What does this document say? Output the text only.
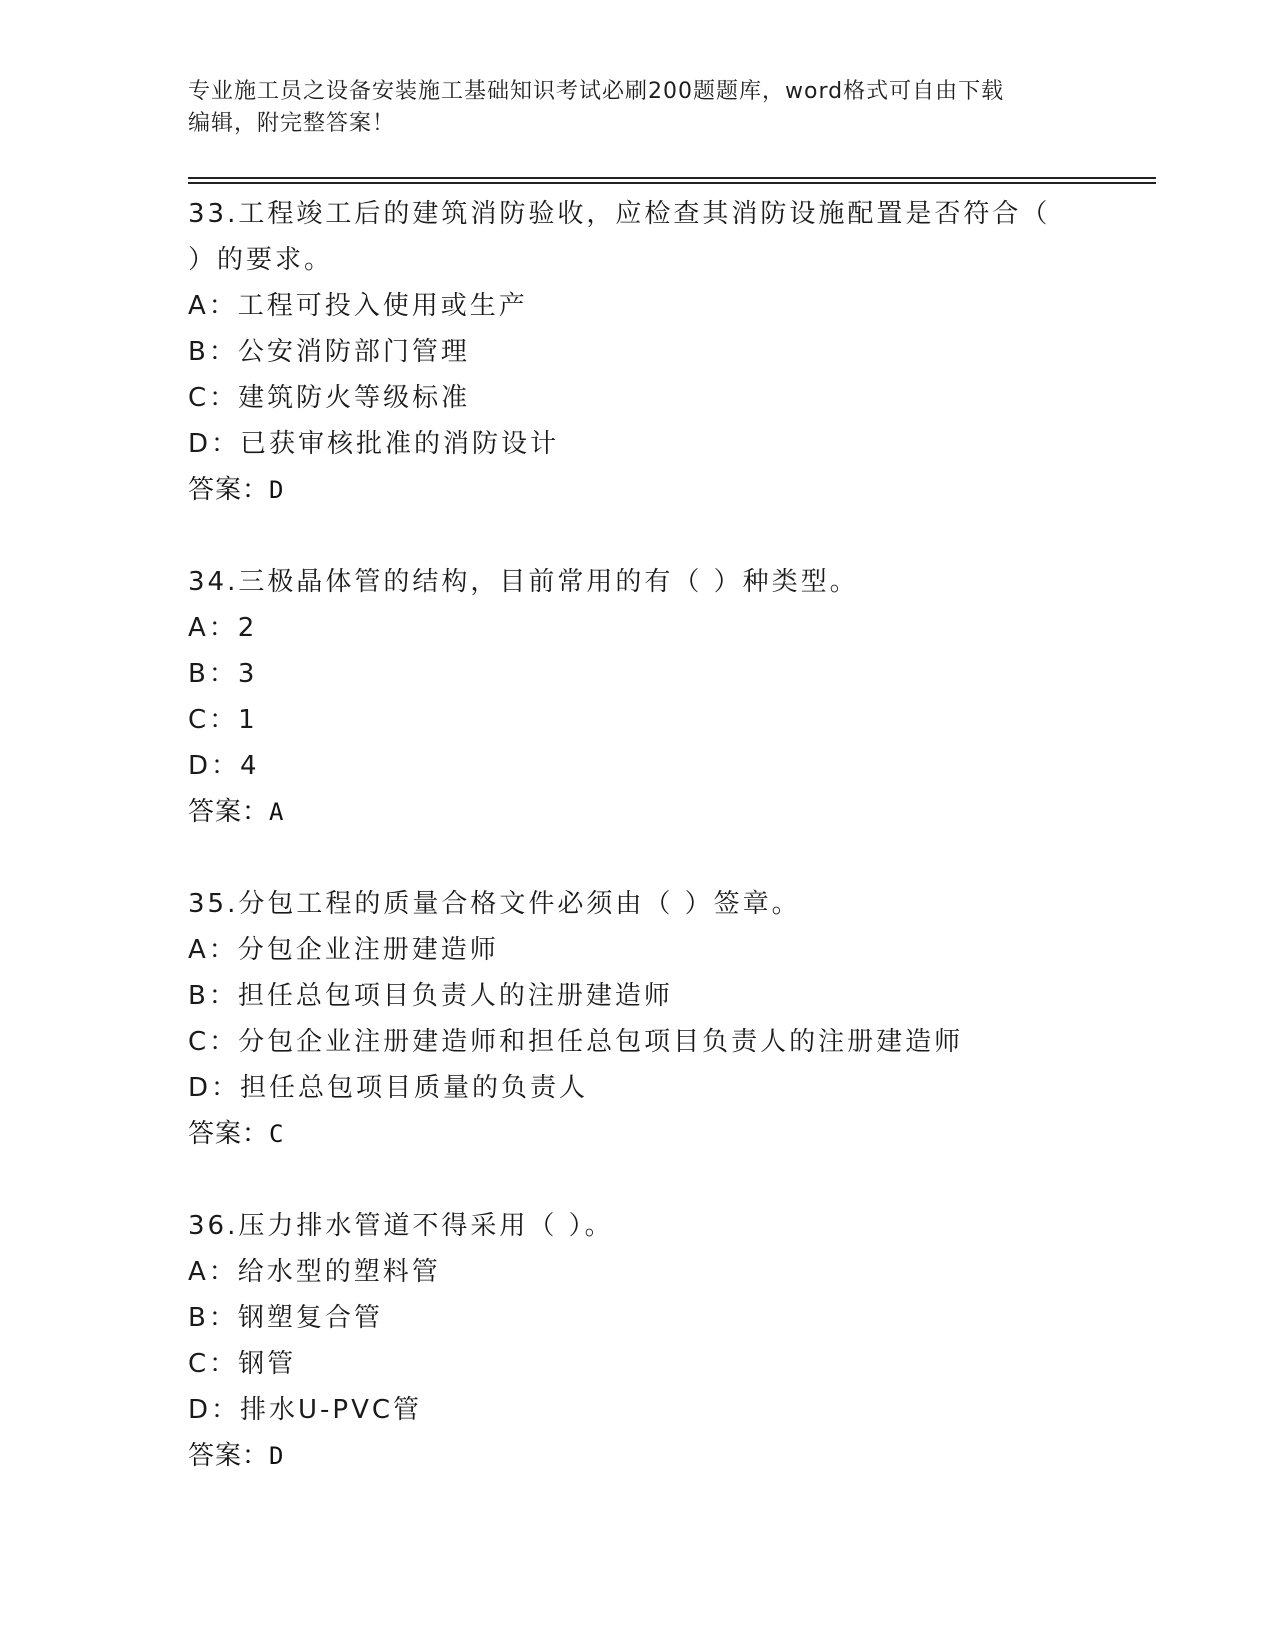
专业施工员之设备安装施工基础知识考试必刷200题题库，word格式可自由下载
编辑，附完整答案！
33.工程竣工后的建筑消防验收，应检查其消防设施配置是否符合（
）的要求。
A：工程可投入使用或生产
B：公安消防部门管理
C：建筑防火等级标准
D：已获审核批准的消防设计
答案：D
34.三极晶体管的结构，目前常用的有（ ）种类型。
A：2
B：3
C：1
D：4
答案：A
35.分包工程的质量合格文件必须由（ ）签章。
A：分包企业注册建造师
B：担任总包项目负责人的注册建造师
C：分包企业注册建造师和担任总包项目负责人的注册建造师
D：担任总包项目质量的负责人
答案：C
36.压力排水管道不得采用（ ）。
A：给水型的塑料管
B：钢塑复合管
C：钢管
D：排水U-PVC管
答案：D
